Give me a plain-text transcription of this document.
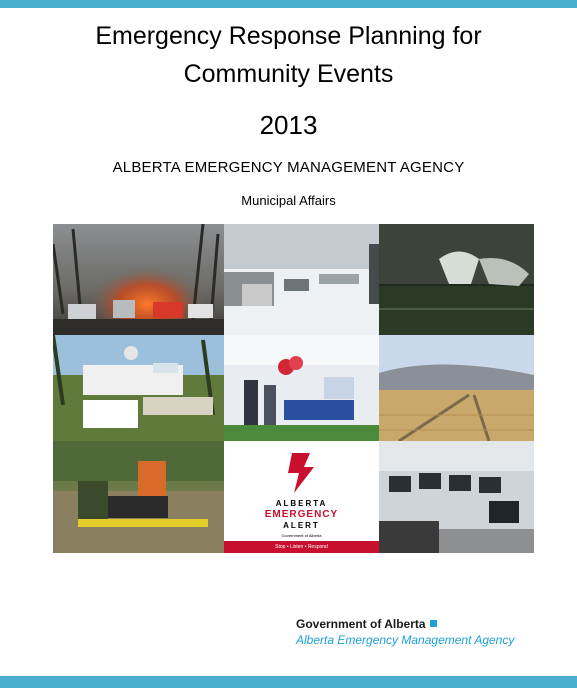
Emergency Response Planning for
Community Events
2013
ALBERTA EMERGENCY MANAGEMENT AGENCY
Municipal Affairs
ALBERTA
EMERGENCY
ALERT
Government of Alberta
Stop • Listen • Respond
Government of Alberta
Alberta Emergency Management Agency
